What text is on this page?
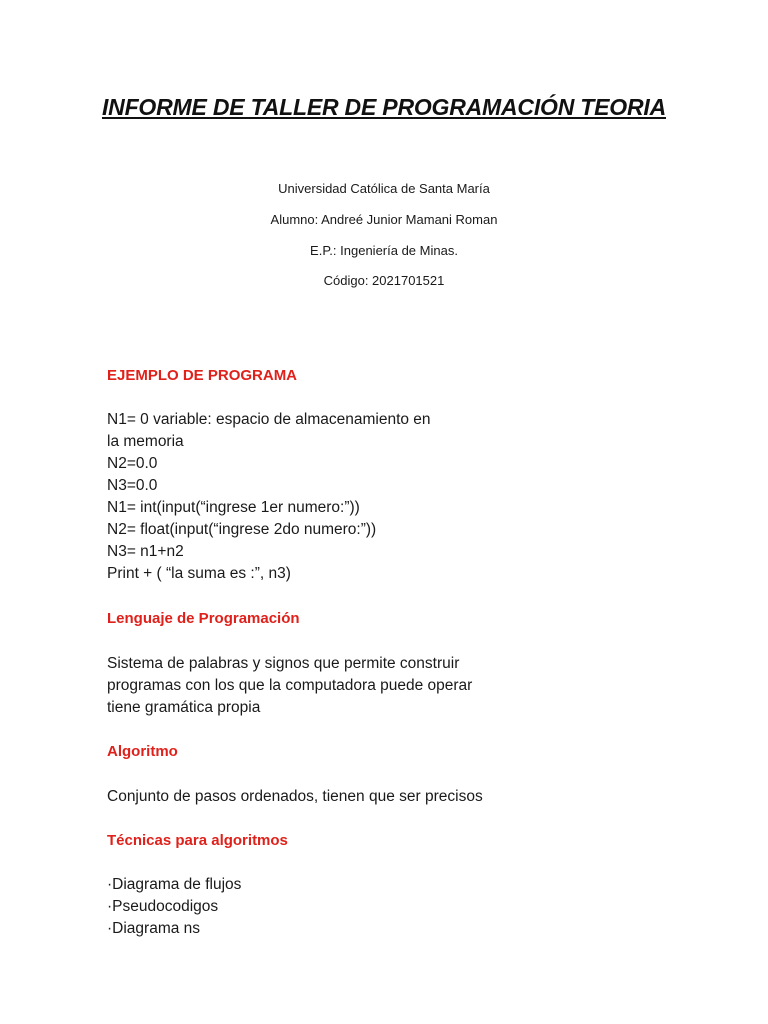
INFORME DE TALLER DE PROGRAMACIÓN TEORIA
Universidad Católica de Santa María
Alumno: Andreé Junior Mamani Roman
E.P.: Ingeniería de Minas.
Código: 2021701521
EJEMPLO DE PROGRAMA
N1= 0 variable: espacio de almacenamiento en
la memoria
N2=0.0
N3=0.0
N1= int(input(“ingrese 1er numero:”))
N2= float(input(“ingrese 2do numero:”))
N3= n1+n2
Print + ( “la suma es :”, n3)
Lenguaje de Programación
Sistema de palabras y signos que permite construir
programas con los que la computadora puede operar
tiene gramática propia
Algoritmo
Conjunto de pasos ordenados, tienen que ser precisos
Técnicas para algoritmos
·Diagrama de flujos
·Pseudocodigos
·Diagrama ns
